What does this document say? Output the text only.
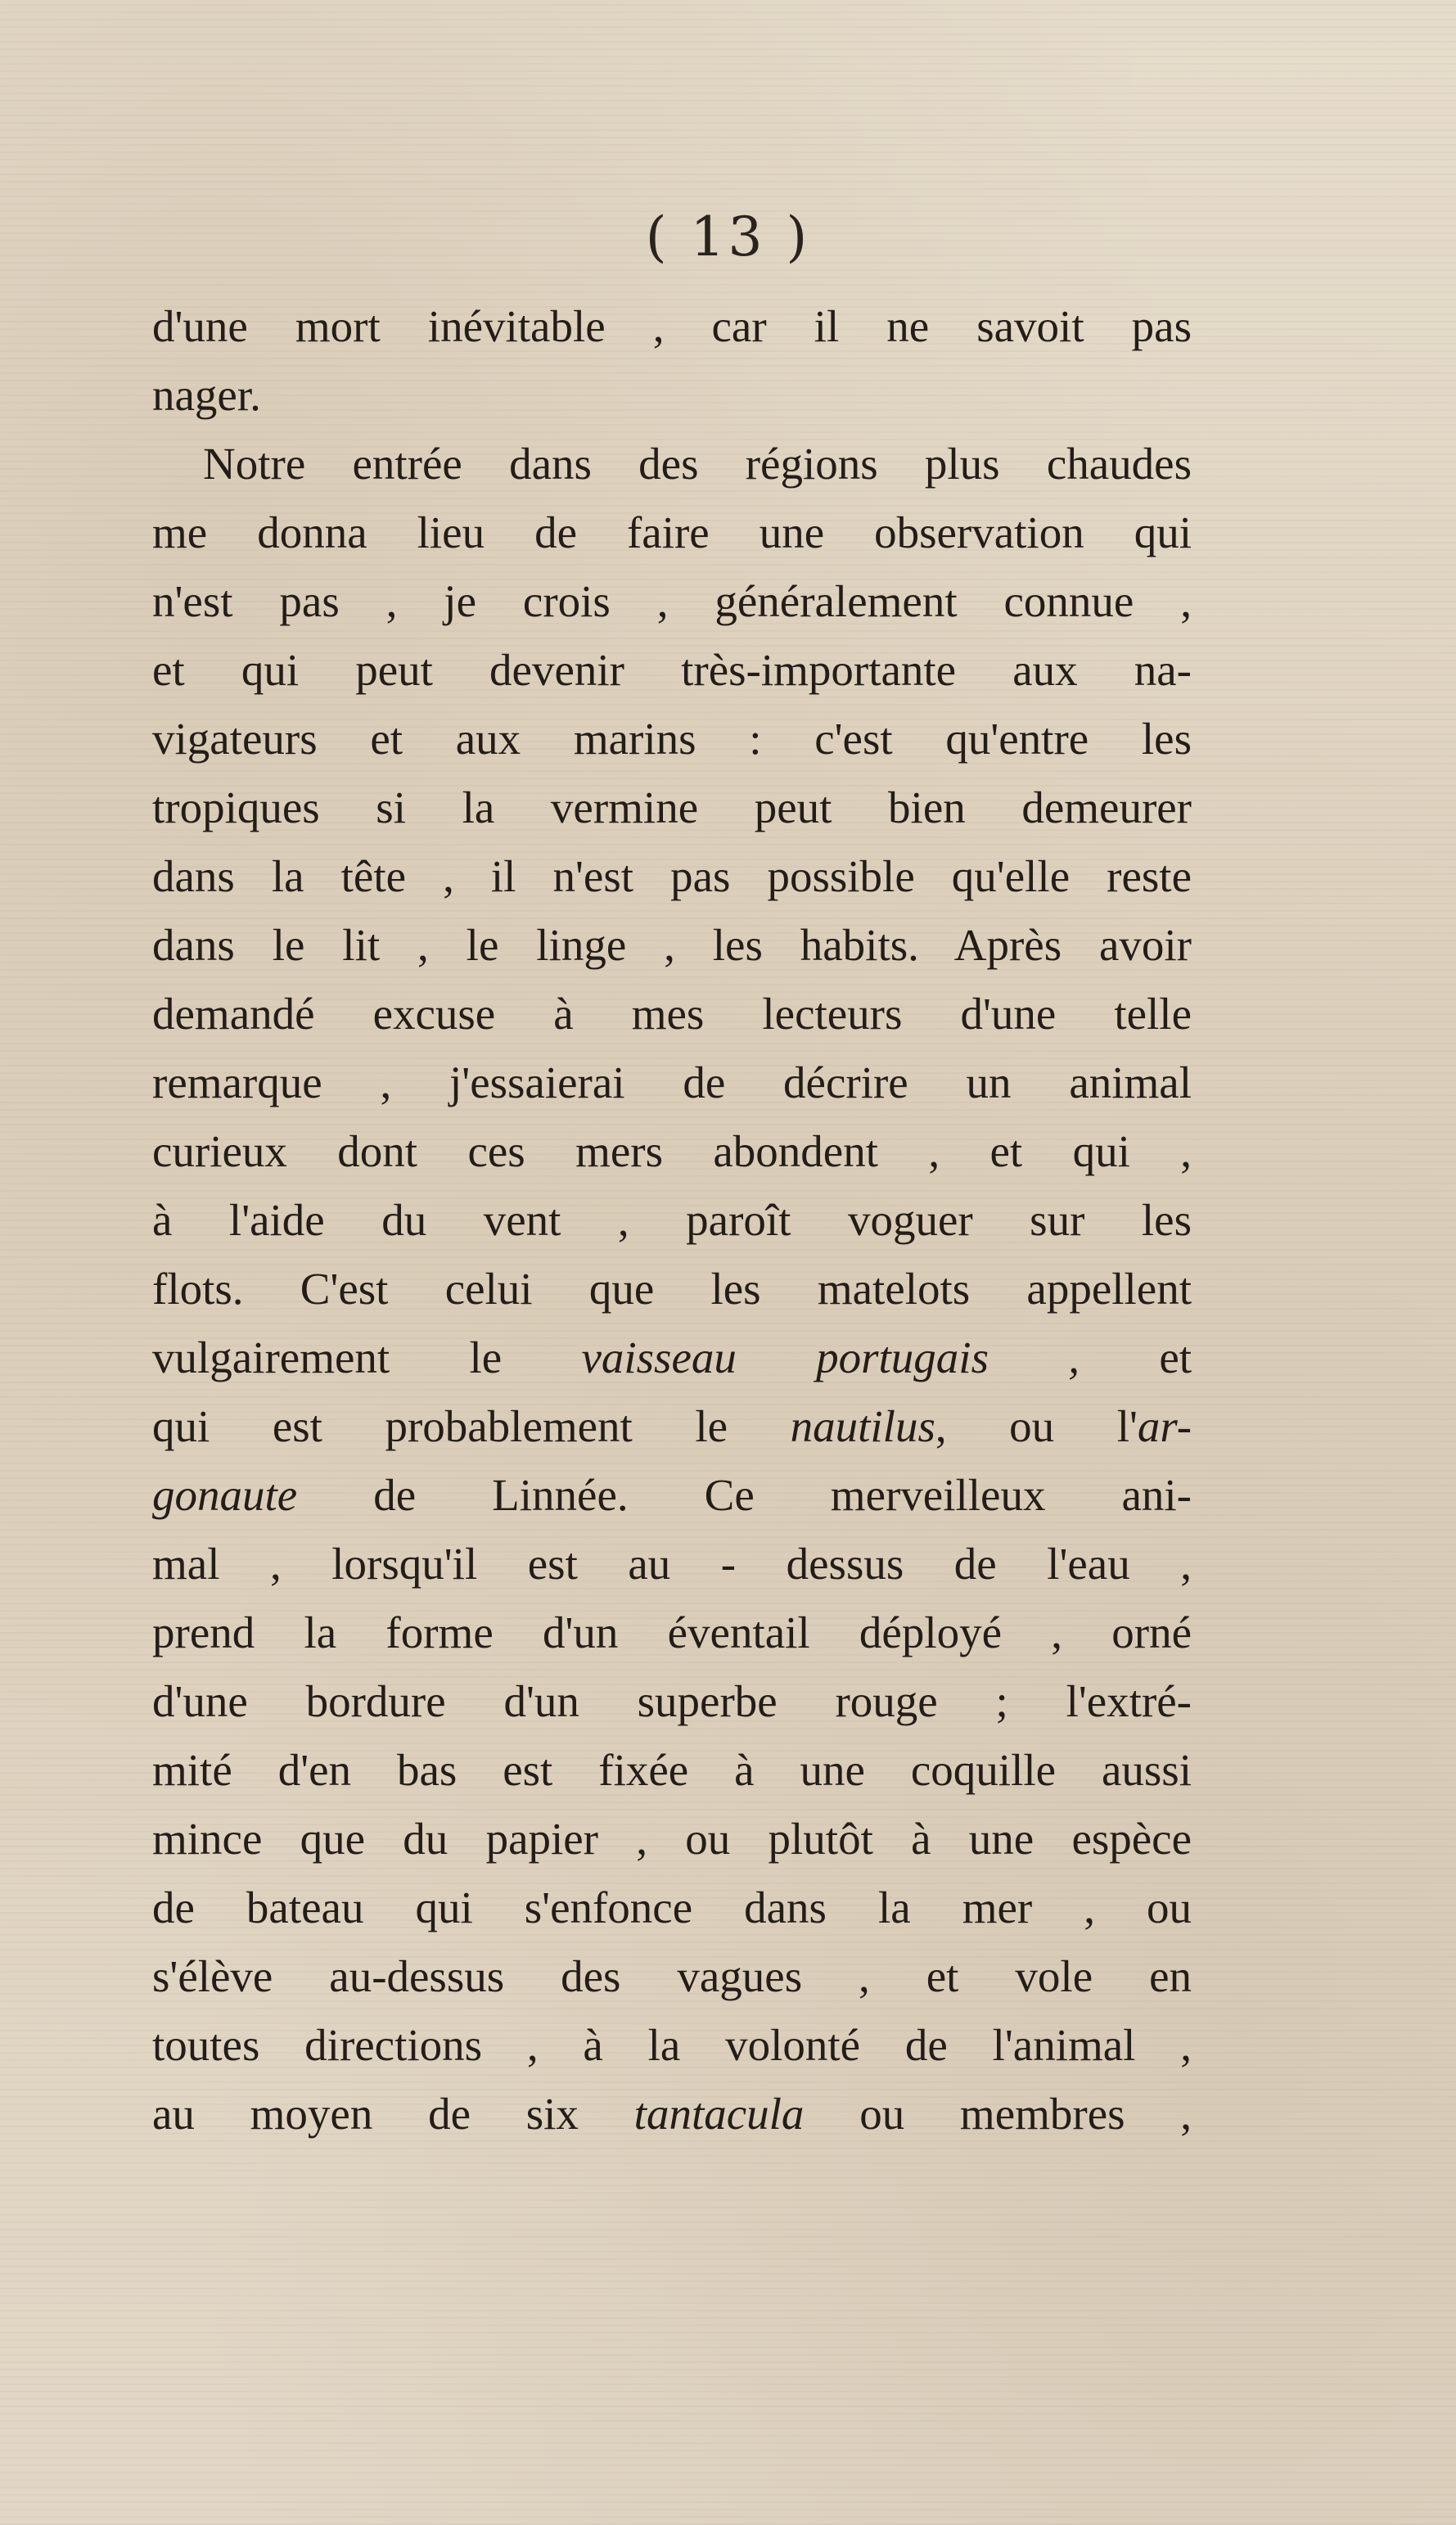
( 13 )

d'une mort inévitable , car il ne savoit pas
nager.
Notre entrée dans des régions plus chaudes
me donna lieu de faire une observation qui
n'est pas , je crois , généralement connue ,
et qui peut devenir très-importante aux na-
vigateurs et aux marins : c'est qu'entre les
tropiques si la vermine peut bien demeurer
dans la tête , il n'est pas possible qu'elle reste
dans le lit , le linge , les habits. Après avoir
demandé excuse à mes lecteurs d'une telle
remarque , j'essaierai de décrire un animal
curieux dont ces mers abondent , et qui ,
à l'aide du vent , paroît voguer sur les
flots. C'est celui que les matelots appellent
vulgairement le vaisseau portugais , et
qui est probablement le nautilus, ou l'ar-
gonaute de Linnée. Ce merveilleux ani-
mal , lorsqu'il est au - dessus de l'eau ,
prend la forme d'un éventail déployé , orné
d'une bordure d'un superbe rouge ; l'extré-
mité d'en bas est fixée à une coquille aussi
mince que du papier , ou plutôt à une espèce
de bateau qui s'enfonce dans la mer , ou
s'élève au-dessus des vagues , et vole en
toutes directions , à la volonté de l'animal ,
au moyen de six tantacula ou membres ,
